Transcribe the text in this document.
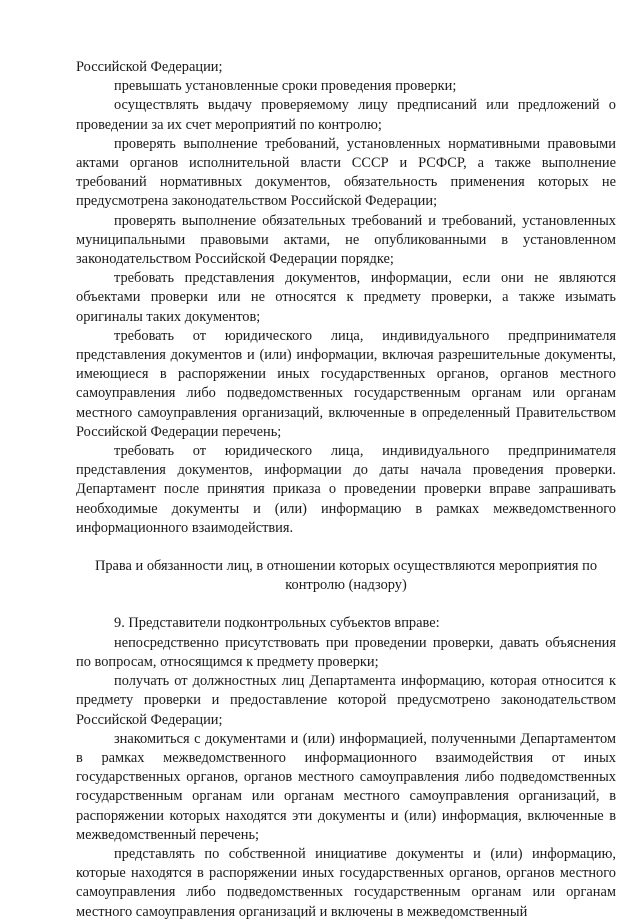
Российской Федерации;

превышать установленные сроки проведения проверки;

осуществлять выдачу проверяемому лицу предписаний или предложений о проведении за их счет мероприятий по контролю;

проверять выполнение требований, установленных нормативными правовыми актами органов исполнительной власти СССР и РСФСР, а также выполнение требований нормативных документов, обязательность применения которых не предусмотрена законодательством Российской Федерации;

проверять выполнение обязательных требований и требований, установленных муниципальными правовыми актами, не опубликованными в установленном законодательством Российской Федерации порядке;

требовать представления документов, информации, если они не являются объектами проверки или не относятся к предмету проверки, а также изымать оригиналы таких документов;

требовать от юридического лица, индивидуального предпринимателя представления документов и (или) информации, включая разрешительные документы, имеющиеся в распоряжении иных государственных органов, органов местного самоуправления либо подведомственных государственным органам или органам местного самоуправления организаций, включенные в определенный Правительством Российской Федерации перечень;

требовать от юридического лица, индивидуального предпринимателя представления документов, информации до даты начала проведения проверки. Департамент после принятия приказа о проведении проверки вправе запрашивать необходимые документы и (или) информацию в рамках межведомственного информационного взаимодействия.

Права и обязанности лиц, в отношении которых осуществляются мероприятия по контролю (надзору)

9. Представители подконтрольных субъектов вправе:

непосредственно присутствовать при проведении проверки, давать объяснения по вопросам, относящимся к предмету проверки;

получать от должностных лиц Департамента информацию, которая относится к предмету проверки и предоставление которой предусмотрено законодательством Российской Федерации;

знакомиться с документами и (или) информацией, полученными Департаментом в рамках межведомственного информационного взаимодействия от иных государственных органов, органов местного самоуправления либо подведомственных государственным органам или органам местного самоуправления организаций, в распоряжении которых находятся эти документы и (или) информация, включенные в межведомственный перечень;

представлять по собственной инициативе документы и (или) информацию, которые находятся в распоряжении иных государственных органов, органов местного самоуправления либо подведомственных государственным органам или органам местного самоуправления организаций и включены в межведомственный
